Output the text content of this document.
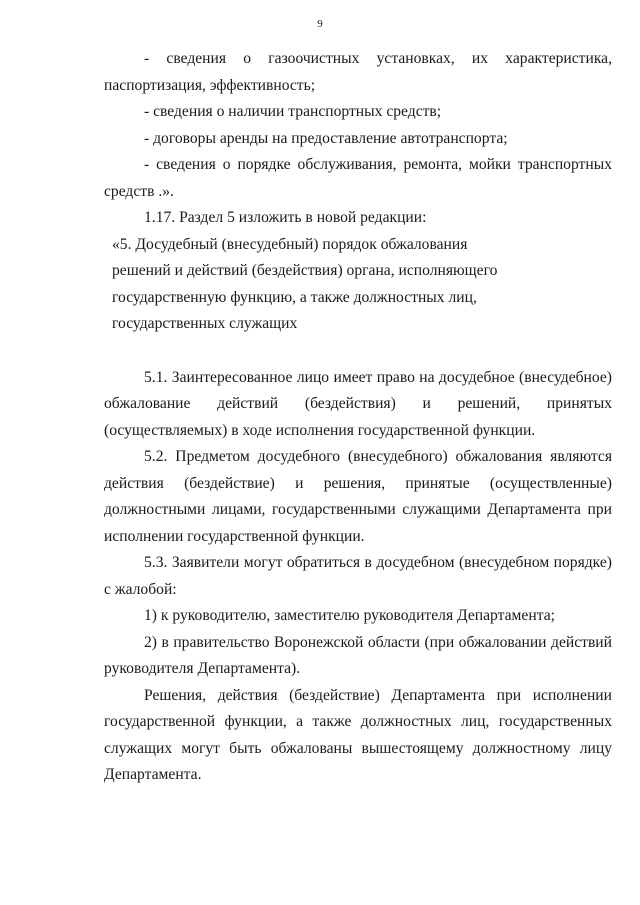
9

- сведения о газоочистных установках, их характеристика, паспортизация, эффективность;

- сведения о наличии транспортных средств;

- договоры аренды на предоставление автотранспорта;

- сведения о порядке обслуживания, ремонта, мойки транспортных средств .».

1.17. Раздел 5 изложить в новой редакции:

«5. Досудебный (внесудебный) порядок обжалования

решений и действий (бездействия) органа, исполняющего

государственную функцию, а также должностных лиц,

государственных служащих

5.1. Заинтересованное лицо имеет право на досудебное (внесудебное) обжалование действий (бездействия) и решений, принятых (осуществляемых) в ходе исполнения государственной функции.

5.2. Предметом досудебного (внесудебного) обжалования являются действия (бездействие) и решения, принятые (осуществленные) должностными лицами, государственными служащими Департамента при исполнении государственной функции.

5.3. Заявители могут обратиться в досудебном (внесудебном порядке) с жалобой:

1) к руководителю, заместителю руководителя Департамента;

2) в правительство Воронежской области (при обжаловании действий руководителя Департамента).

Решения, действия (бездействие) Департамента при исполнении государственной функции, а также должностных лиц, государственных служащих могут быть обжалованы вышестоящему должностному лицу Департамента.
